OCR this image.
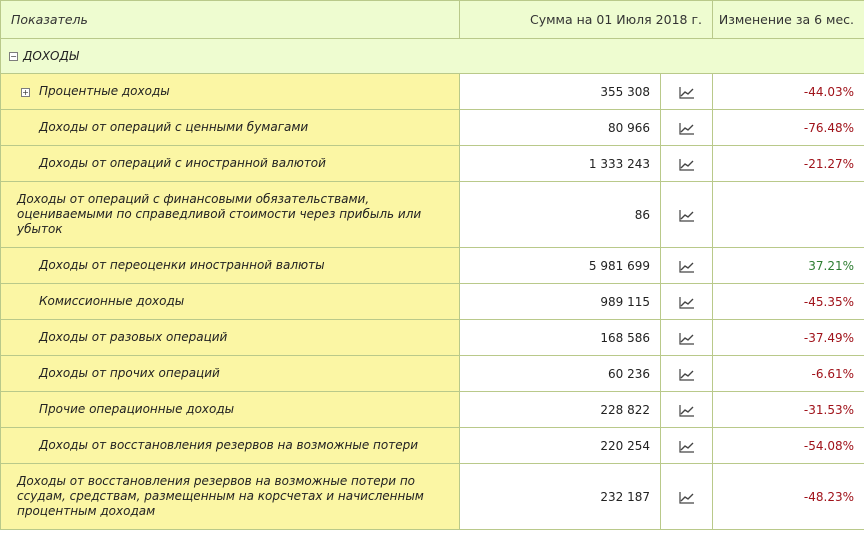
Показатель	Сумма на 01 Июля 2018 г.		Изменение за 6 мес.
− ДОХОДЫ			

+ Процентные доходы	355 308		-44.03%

Доходы от операций с ценными бумагами	80 966		-76.48%

Доходы от операций с иностранной валютой	1 333 243		-21.27%

Доходы от операций с финансовыми обязательствами, оцениваемыми по справедливой стоимости через прибыль или убыток	86		

Доходы от переоценки иностранной валюты	5 981 699		37.21%

Комиссионные доходы	989 115		-45.35%

Доходы от разовых операций	168 586		-37.49%

Доходы от прочих операций	60 236		-6.61%

Прочие операционные доходы	228 822		-31.53%

Доходы от восстановления резервов на возможные потери	220 254		-54.08%

Доходы от восстановления резервов на возможные потери по ссудам, средствам, размещенным на корсчетах и начисленным процентным доходам	232 187		-48.23%
